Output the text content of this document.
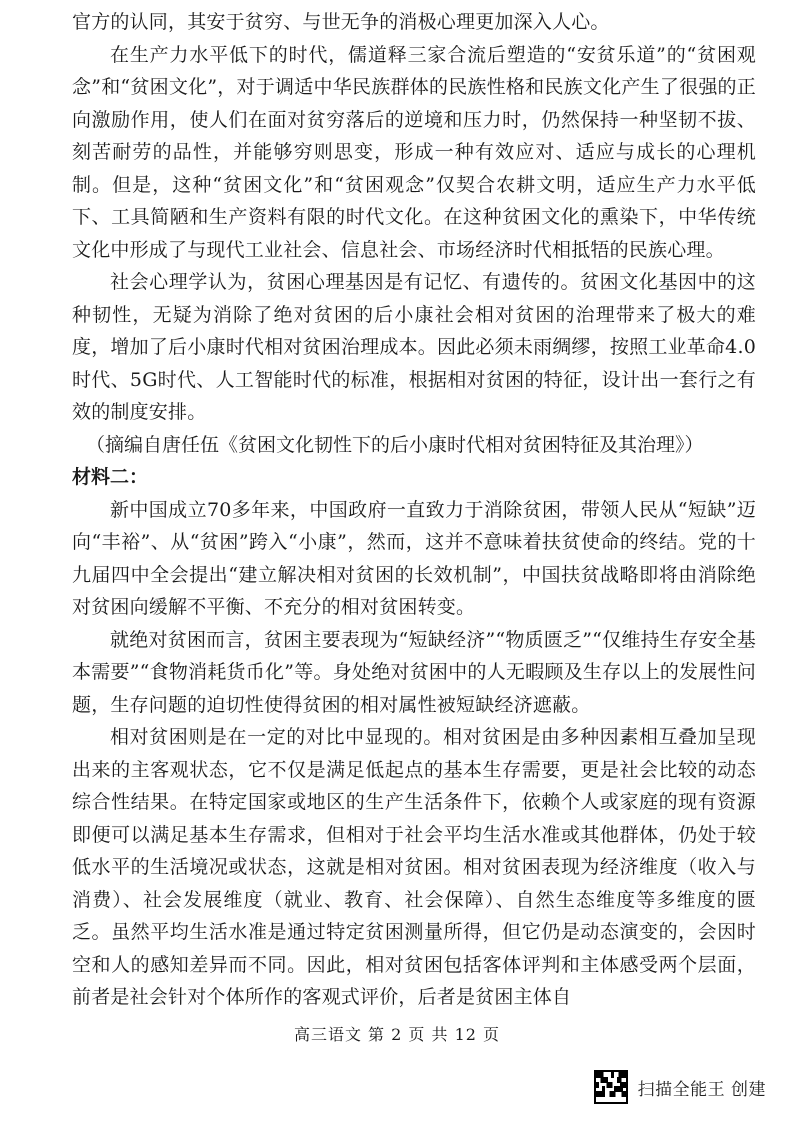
官方的认同，其安于贫穷、与世无争的消极心理更加深入人心。

在生产力水平低下的时代，儒道释三家合流后塑造的“安贫乐道”的“贫困观念”和“贫困文化”，对于调适中华民族群体的民族性格和民族文化产生了很强的正向激励作用，使人们在面对贫穷落后的逆境和压力时，仍然保持一种坚韧不拔、刻苦耐劳的品性，并能够穷则思变，形成一种有效应对、适应与成长的心理机制。但是，这种“贫困文化”和“贫困观念”仅契合农耕文明，适应生产力水平低下、工具简陋和生产资料有限的时代文化。在这种贫困文化的熏染下，中华传统文化中形成了与现代工业社会、信息社会、市场经济时代相抵牾的民族心理。

社会心理学认为，贫困心理基因是有记忆、有遗传的。贫困文化基因中的这种韧性，无疑为消除了绝对贫困的后小康社会相对贫困的治理带来了极大的难度，增加了后小康时代相对贫困治理成本。因此必须未雨绸缪，按照工业革命4.0时代、5G时代、人工智能时代的标准，根据相对贫困的特征，设计出一套行之有效的制度安排。

（摘编自唐任伍《贫困文化韧性下的后小康时代相对贫困特征及其治理》）

材料二：

新中国成立70多年来，中国政府一直致力于消除贫困，带领人民从“短缺”迈向“丰裕”、从“贫困”跨入“小康”，然而，这并不意味着扶贫使命的终结。党的十九届四中全会提出“建立解决相对贫困的长效机制”，中国扶贫战略即将由消除绝对贫困向缓解不平衡、不充分的相对贫困转变。

就绝对贫困而言，贫困主要表现为“短缺经济”“物质匮乏”“仅维持生存安全基本需要”“食物消耗货币化”等。身处绝对贫困中的人无暇顾及生存以上的发展性问题，生存问题的迫切性使得贫困的相对属性被短缺经济遮蔽。

相对贫困则是在一定的对比中显现的。相对贫困是由多种因素相互叠加呈现出来的主客观状态，它不仅是满足低起点的基本生存需要，更是社会比较的动态综合性结果。在特定国家或地区的生产生活条件下，依赖个人或家庭的现有资源即便可以满足基本生存需求，但相对于社会平均生活水准或其他群体，仍处于较低水平的生活境况或状态，这就是相对贫困。相对贫困表现为经济维度（收入与消费）、社会发展维度（就业、教育、社会保障）、自然生态维度等多维度的匮乏。虽然平均生活水准是通过特定贫困测量所得，但它仍是动态演变的，会因时空和人的感知差异而不同。因此，相对贫困包括客体评判和主体感受两个层面，前者是社会针对个体所作的客观式评价，后者是贫困主体自

高三语文 第 2 页 共 12 页
扫描全能王 创建
